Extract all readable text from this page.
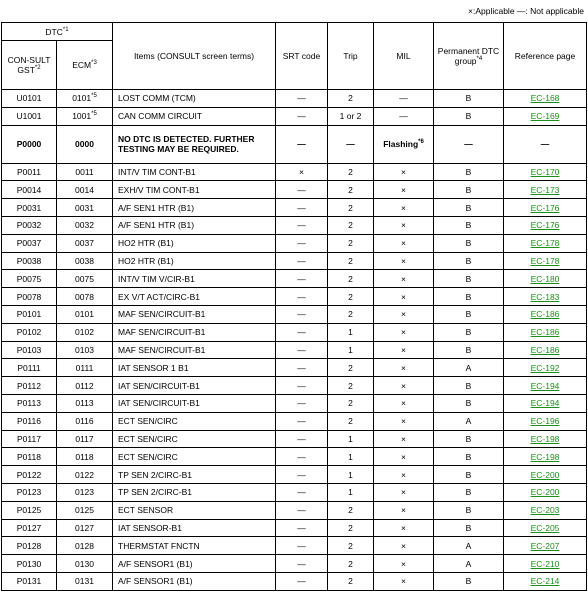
×:Applicable —: Not applicable
DTC$^{*1}$		Items (CONSULT screen terms)	SRT code	Trip	MIL	Permanent DTC group$^{*4}$	Reference page
CON-SULT GST$^{*2}$	ECM$^{*3}$
U0101	0101$^{*5}$	LOST COMM (TCM)	—	2	—	B	EC-168
U1001	1001$^{*5}$	CAN COMM CIRCUIT	—	1 or 2	—	B	EC-169
P0000	0000	NO DTC IS DETECTED. FURTHER TESTING MAY BE REQUIRED.	—	—	Flashing$^{*6}$	—	—
P0011	0011	INT/V TIM CONT-B1	×	2	×	B	EC-170
P0014	0014	EXH/V TIM CONT-B1	—	2	×	B	EC-173
P0031	0031	A/F SEN1 HTR (B1)	—	2	×	B	EC-176
P0032	0032	A/F SEN1 HTR (B1)	—	2	×	B	EC-176
P0037	0037	HO2 HTR (B1)	—	2	×	B	EC-178
P0038	0038	HO2 HTR (B1)	—	2	×	B	EC-178
P0075	0075	INT/V TIM V/CIR-B1	—	2	×	B	EC-180
P0078	0078	EX V/T ACT/CIRC-B1	—	2	×	B	EC-183
P0101	0101	MAF SEN/CIRCUIT-B1	—	2	×	B	EC-186
P0102	0102	MAF SEN/CIRCUIT-B1	—	1	×	B	EC-186
P0103	0103	MAF SEN/CIRCUIT-B1	—	1	×	B	EC-186
P0111	0111	IAT SENSOR 1 B1	—	2	×	A	EC-192
P0112	0112	IAT SEN/CIRCUIT-B1	—	2	×	B	EC-194
P0113	0113	IAT SEN/CIRCUIT-B1	—	2	×	B	EC-194
P0116	0116	ECT SEN/CIRC	—	2	×	A	EC-196
P0117	0117	ECT SEN/CIRC	—	1	×	B	EC-198
P0118	0118	ECT SEN/CIRC	—	1	×	B	EC-198
P0122	0122	TP SEN 2/CIRC-B1	—	1	×	B	EC-200
P0123	0123	TP SEN 2/CIRC-B1	—	1	×	B	EC-200
P0125	0125	ECT SENSOR	—	2	×	B	EC-203
P0127	0127	IAT SENSOR-B1	—	2	×	B	EC-205
P0128	0128	THERMSTAT FNCTN	—	2	×	A	EC-207
P0130	0130	A/F SENSOR1 (B1)	—	2	×	A	EC-210
P0131	0131	A/F SENSOR1 (B1)	—	2	×	B	EC-214
